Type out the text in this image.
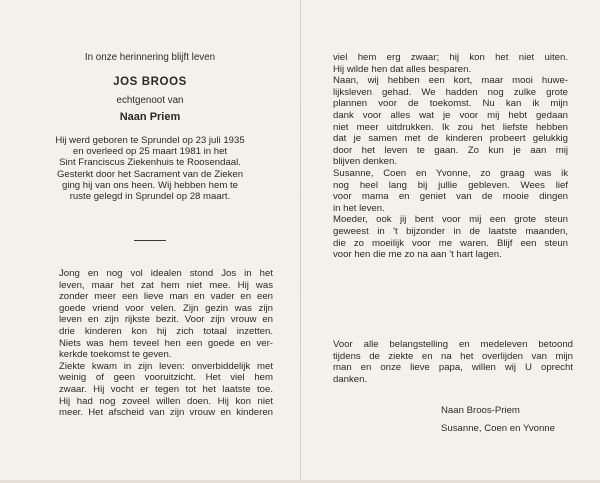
In onze herinnering blijft leven
JOS BROOS
echtgenoot van
Naan Priem
Hij werd geboren te Sprundel op 23 juli 1935
en overleed op 25 maart 1981 in het
Sint Franciscus Ziekenhuis te Roosendaal.
Gesterkt door het Sacrament van de Zieken
ging hij van ons heen. Wij hebben hem te
ruste gelegd in Sprundel op 28 maart.
Jong en nog vol idealen stond Jos in het
leven, maar het zat hem niet mee. Hij was
zonder meer een lieve man en vader en een
goede vriend voor velen. Zijn gezin was zijn
leven en zijn rijkste bezit. Voor zijn vrouw en
drie kinderen kon hij zich totaal inzetten.
Niets was hem teveel hen een goede en ver-
kerkde toekomst te geven.
Ziekte kwam in zijn leven: onverbiddelijk met
weinig of geen vooruitzicht. Het viel hem
zwaar. Hij vocht er tegen tot het laatste toe.
Hij had nog zoveel willen doen. Hij kon niet
meer. Het afscheid van zijn vrouw en kinderen
viel hem erg zwaar; hij kon het niet uiten.
Hij wilde hen dat alles besparen.
Naan, wij hebben een kort, maar mooi huwe-
lijksleven gehad. We hadden nog zulke grote
plannen voor de toekomst. Nu kan ik mijn
dank voor alles wat je voor mij hebt gedaan
niet meer uitdrukken. Ik zou het liefste hebben
dat je samen met de kinderen probeert gelukkig
door het leven te gaan. Zo kun je aan mij
blijven denken.
Susanne, Coen en Yvonne, zo graag was ik
nog heel lang bij jullie gebleven. Wees lief
voor mama en geniet van de mooie dingen
in het leven.
Moeder, ook jij bent voor mij een grote steun
geweest in 't bijzonder in de laatste maanden,
die zo moeilijk voor me waren. Blijf een steun
voor hen die me zo na aan 't hart lagen.
Voor alle belangstelling en medeleven betoond
tijdens de ziekte en na het overlijden van mijn
man en onze lieve papa, willen wij U oprecht
danken.
Naan Broos-Priem
Susanne, Coen en Yvonne
